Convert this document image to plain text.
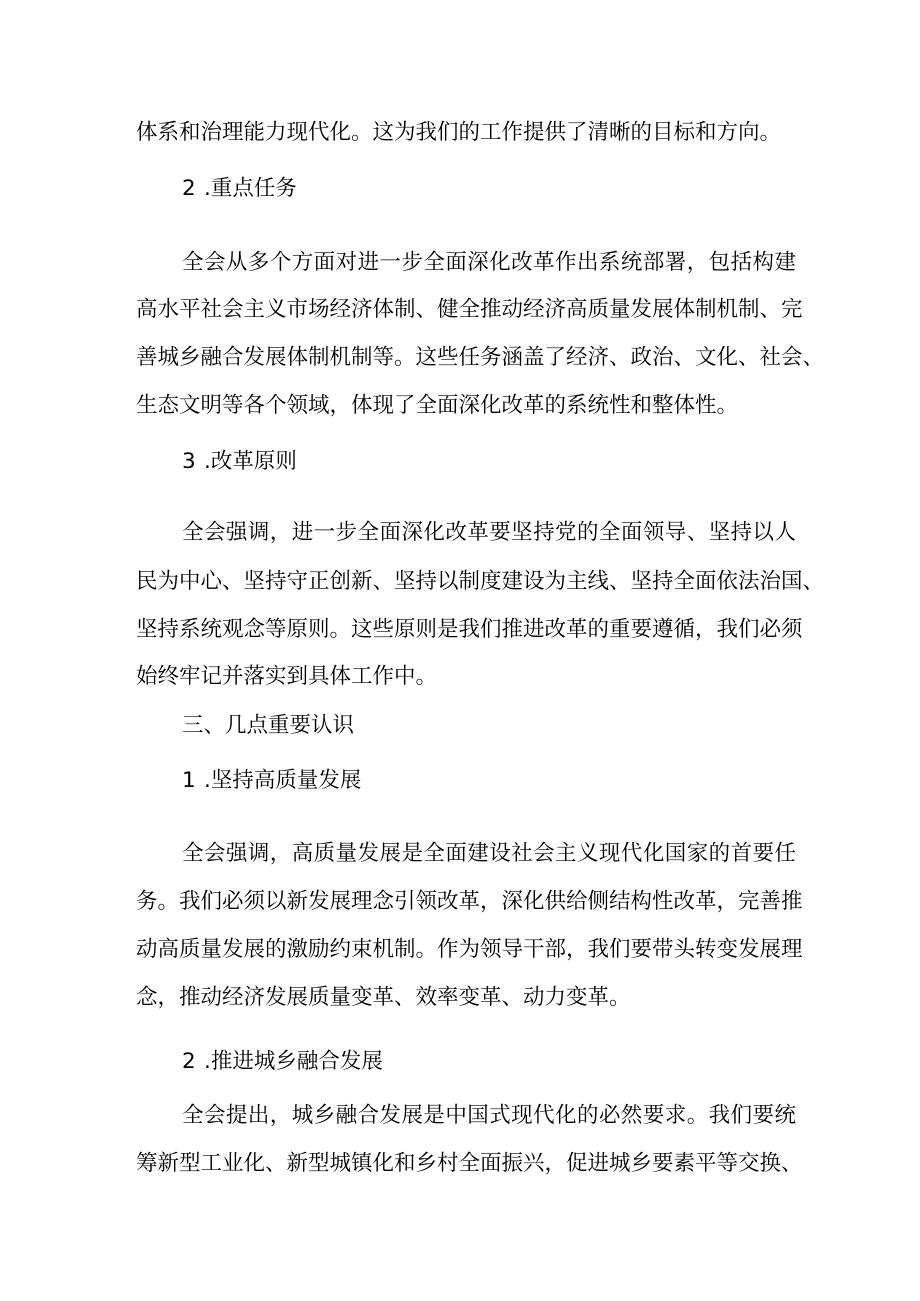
体系和治理能力现代化。这为我们的工作提供了清晰的目标和方向。
2 .重点任务
全会从多个方面对进一步全面深化改革作出系统部署，包括构建
高水平社会主义市场经济体制、健全推动经济高质量发展体制机制、完
善城乡融合发展体制机制等。这些任务涵盖了经济、政治、文化、社会、
生态文明等各个领域，体现了全面深化改革的系统性和整体性。
3 .改革原则
全会强调，进一步全面深化改革要坚持党的全面领导、坚持以人
民为中心、坚持守正创新、坚持以制度建设为主线、坚持全面依法治国、
坚持系统观念等原则。这些原则是我们推进改革的重要遵循，我们必须
始终牢记并落实到具体工作中。
三、几点重要认识
1 .坚持高质量发展
全会强调，高质量发展是全面建设社会主义现代化国家的首要任
务。我们必须以新发展理念引领改革，深化供给侧结构性改革，完善推
动高质量发展的激励约束机制。作为领导干部，我们要带头转变发展理
念，推动经济发展质量变革、效率变革、动力变革。
2 .推进城乡融合发展
全会提出，城乡融合发展是中国式现代化的必然要求。我们要统
筹新型工业化、新型城镇化和乡村全面振兴，促进城乡要素平等交换、
